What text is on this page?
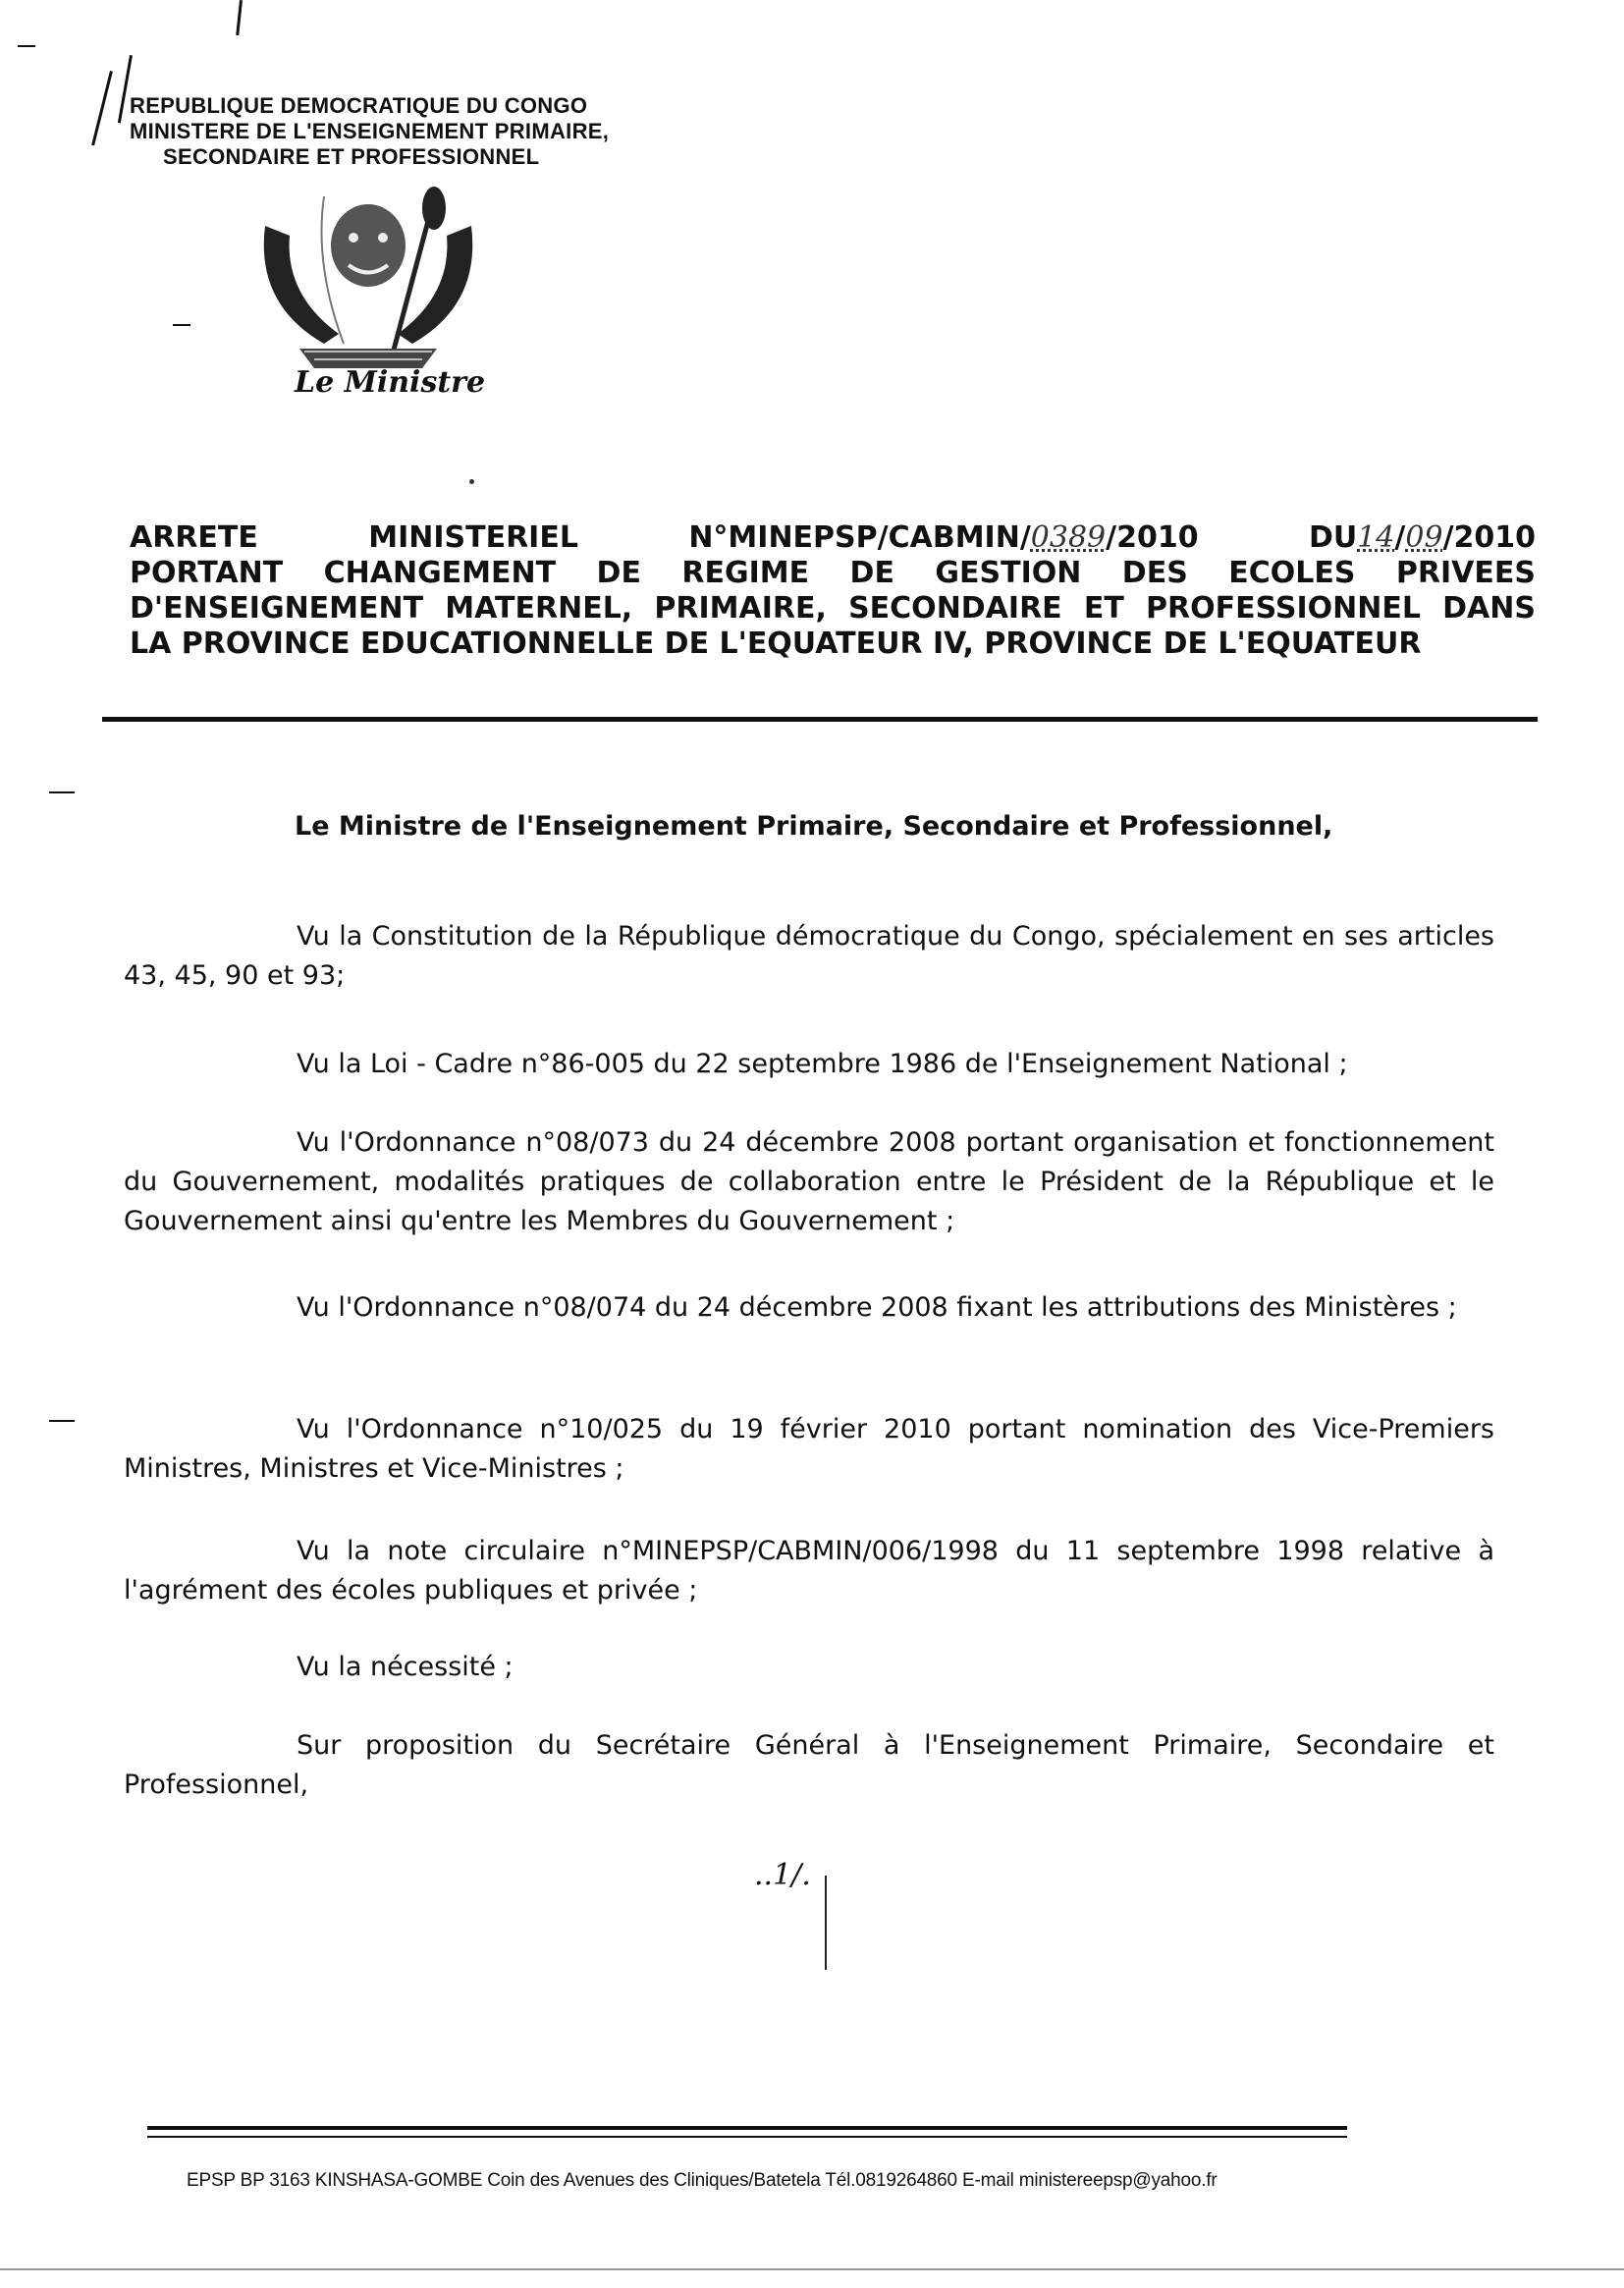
REPUBLIQUE DEMOCRATIQUE DU CONGO
MINISTERE DE L'ENSEIGNEMENT PRIMAIRE,
SECONDAIRE ET PROFESSIONNEL
Le Ministre
ARRETE	MINISTERIEL	N°MINEPSP/CABMIN/0389/2010	DU14/09/2010
PORTANT CHANGEMENT DE REGIME DE GESTION DES ECOLES PRIVEES
D'ENSEIGNEMENT MATERNEL, PRIMAIRE, SECONDAIRE ET PROFESSIONNEL DANS
LA PROVINCE EDUCATIONNELLE DE L'EQUATEUR IV, PROVINCE DE L'EQUATEUR
Le Ministre de l'Enseignement Primaire, Secondaire et Professionnel,
Vu la Constitution de la République démocratique du Congo, spécialement en ses articles 43, 45, 90 et 93;
Vu la Loi - Cadre n°86-005 du 22 septembre 1986 de l'Enseignement National ;
Vu l'Ordonnance n°08/073 du 24 décembre 2008 portant organisation et fonctionnement du Gouvernement, modalités pratiques de collaboration entre le Président de la République et le Gouvernement ainsi qu'entre les Membres du Gouvernement ;
Vu l'Ordonnance n°08/074 du 24 décembre 2008 fixant les attributions des Ministères ;
Vu l'Ordonnance n°10/025 du 19 février 2010 portant nomination des Vice-Premiers Ministres, Ministres et Vice-Ministres ;
Vu la note circulaire n°MINEPSP/CABMIN/006/1998 du 11 septembre 1998 relative à l'agrément des écoles publiques et privée ;
Vu la nécessité ;
Sur proposition du Secrétaire Général à l'Enseignement Primaire, Secondaire et Professionnel,
..1/.
EPSP BP 3163 KINSHASA-GOMBE Coin des Avenues des Cliniques/Batetela Tél.0819264860 E-mail ministereepsp@yahoo.fr
